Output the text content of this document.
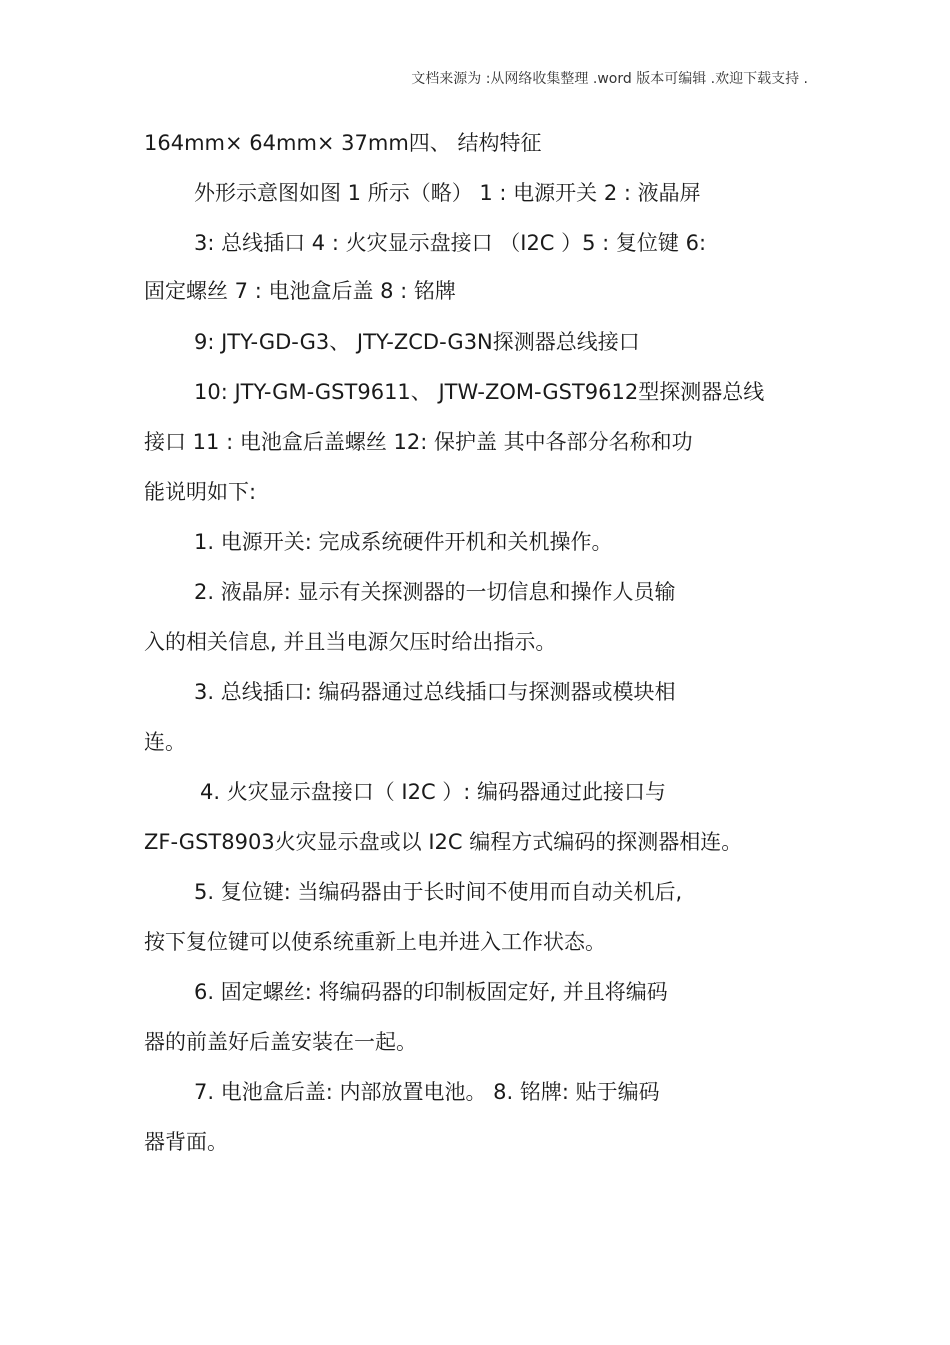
文档来源为 :从网络收集整理 .word 版本可编辑 .欢迎下载支持 .
164mm× 64mm× 37mm四、 结构特征
外形示意图如图 1 所示（略） 1 : 电源开关 2 : 液晶屏
3: 总线插口 4 : 火灾显示盘接口 （I2C ）5 : 复位键 6:
固定螺丝 7 : 电池盒后盖 8 : 铭牌
9: JTY-GD-G3、 JTY-ZCD-G3N探测器总线接口
10: JTY-GM-GST9611、 JTW-ZOM-GST9612型探测器总线
接口 11 : 电池盒后盖螺丝 12: 保护盖 其中各部分名称和功
能说明如下:
1. 电源开关: 完成系统硬件开机和关机操作。
2. 液晶屏: 显示有关探测器的一切信息和操作人员输
入的相关信息, 并且当电源欠压时给出指示。
3. 总线插口: 编码器通过总线插口与探测器或模块相
连。
4. 火灾显示盘接口（ I2C ）: 编码器通过此接口与
ZF-GST8903火灾显示盘或以 I2C 编程方式编码的探测器相连。
5. 复位键: 当编码器由于长时间不使用而自动关机后,
按下复位键可以使系统重新上电并进入工作状态。
6. 固定螺丝: 将编码器的印制板固定好, 并且将编码
器的前盖好后盖安装在一起。
7. 电池盒后盖: 内部放置电池。 8. 铭牌: 贴于编码
器背面。
